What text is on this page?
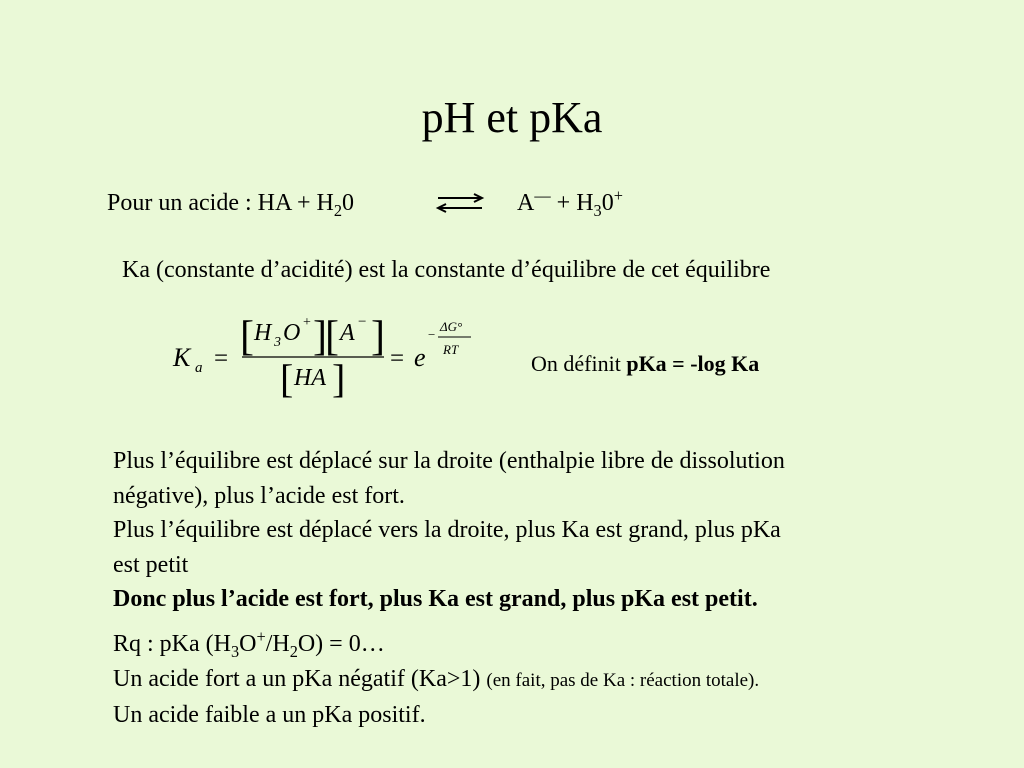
pH et pKa
Pour un acide : HA + $H_20$	$A^— + H_30^+$
Ka (constante d’acidité) est la constante d’équilibre de cet équilibre
K a = [ H 3 O + ]
[ A − ]
[ HA ] = e
−
ΔG°
RT
On définit pKa = -log Ka
Plus l’équilibre est déplacé sur la droite (enthalpie libre de dissolution
négative), plus l’acide est fort.
Plus l’équilibre est déplacé vers la droite, plus Ka est grand, plus pKa
est petit
Donc plus l’acide est fort, plus Ka est grand, plus pKa est petit.
Rq : pKa $(H_3O^+/H_2O)$ = 0…
Un acide fort a un pKa négatif (Ka>1) (en fait, pas de Ka : réaction totale).
Un acide faible a un pKa positif.
